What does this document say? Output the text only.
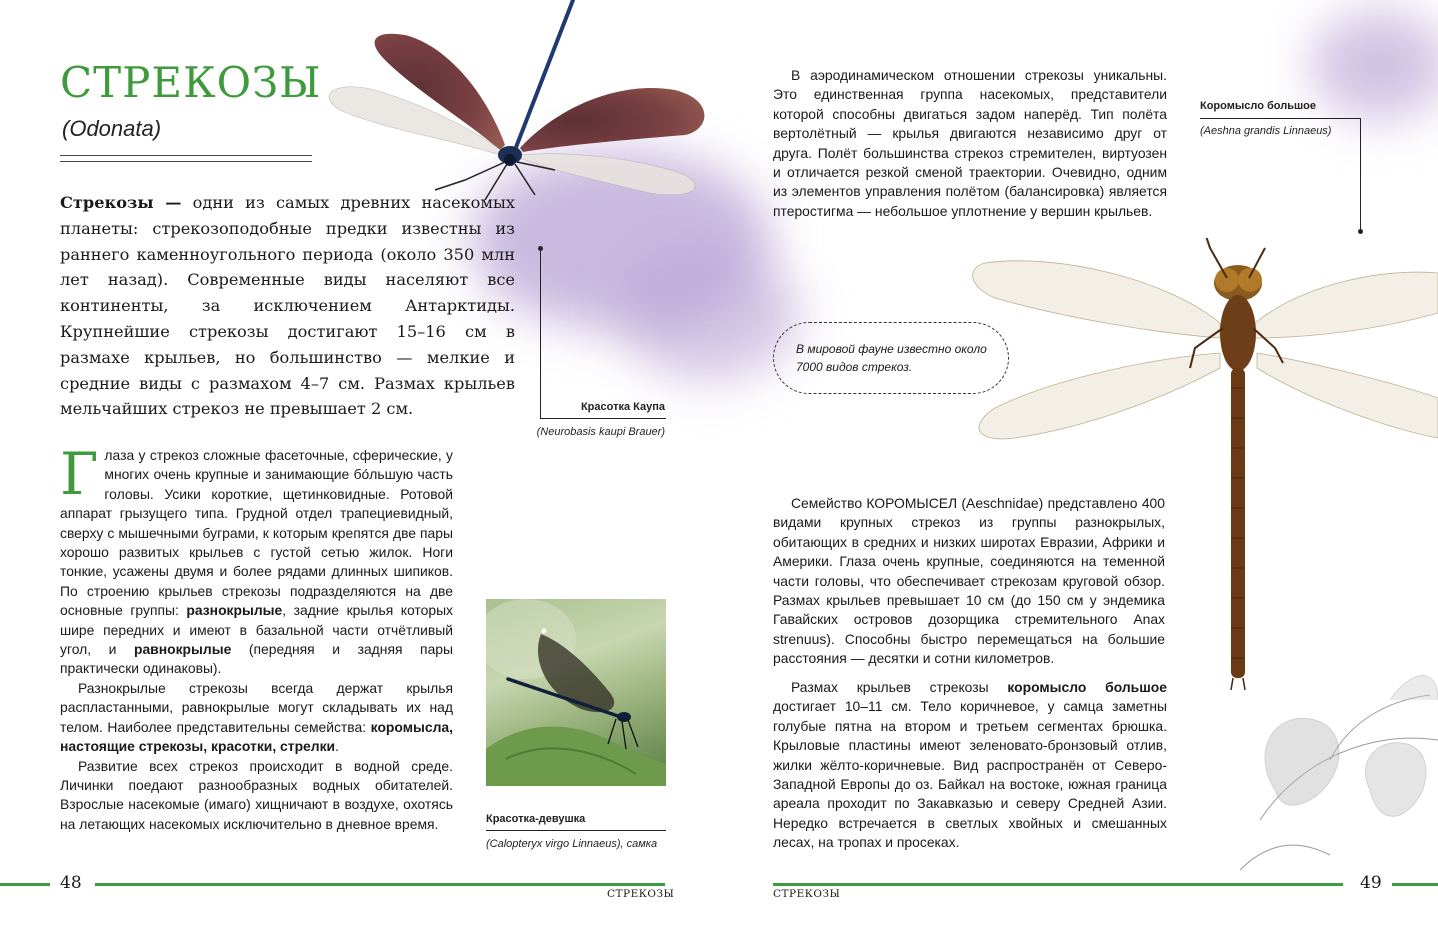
СТРЕКОЗЫ
(Odonata)

Стрекозы — одни из самых древних насекомых планеты: стрекозоподобные предки известны из раннего каменноугольного периода (около 350 млн лет назад). Современные виды населяют все континенты, за исключением Антарктиды. Крупнейшие стрекозы достигают 15–16 см в размахе крыльев, но большинство — мелкие и средние виды с размахом 4–7 см. Размах крыльев мельчайших стрекоз не превышает 2 см.	Красотка Каупа
(Neurobasis kaupi Brauer)

Глаза у стрекоз сложные фасеточные, сферические, у многих очень крупные и занимающие бо́льшую часть головы. Усики короткие, щетинковидные. Ротовой аппарат грызущего типа. Грудной отдел трапециевидный, сверху с мышечными буграми, к которым крепятся две пары хорошо развитых крыльев с густой сетью жилок. Ноги тонкие, усажены двумя и более рядами длинных шипиков. По строению крыльев стрекозы подразделяются на две основные группы: разнокрылые, задние крылья которых шире передних и имеют в базальной части отчётливый угол, и равнокрылые (передняя и задняя пары практически одинаковы).

Разнокрылые стрекозы всегда держат крылья распластанными, равнокрылые могут складывать их над телом. Наиболее представительны семейства: коромысла, настоящие стрекозы, красотки, стрелки.

Развитие всех стрекоз происходит в водной среде. Личинки поедают разнообразных водных обитателей. Взрослые насекомые (имаго) хищничают в воздухе, охотясь на летающих насекомых исключительно в дневное время.	Красотка-девушка
(Calopteryx virgo Linnaeus), самка

В аэродинамическом отношении стрекозы уникальны. Это единственная группа насекомых, представители которой способны двигаться задом наперёд. Тип полёта вертолётный — крылья двигаются независимо друг от друга. Полёт большинства стрекоз стремителен, виртуозен и отличается резкой сменой траектории. Очевидно, одним из элементов управления полётом (балансировка) является птеростигма — небольшое уплотнение у вершин крыльев.

Коромысло большое
(Aeshna grandis Linnaeus)
В мировой фауне известно около 7000 видов стрекоз.

Семейство КОРОМЫСЕЛ (Aeschnidae) представлено 400 видами крупных стрекоз из группы разнокрылых, обитающих в средних и низких широтах Евразии, Африки и Америки. Глаза очень крупные, соединяются на теменной части головы, что обеспечивает стрекозам круговой обзор. Размах крыльев превышает 10 см (до 150 см у эндемика Гавайских островов дозорщика стремительного Anax strenuus). Способны быстро перемещаться на большие расстояния — десятки и сотни километров.

Размах крыльев стрекозы коромысло большое достигает 10–11 см. Тело коричневое, у самца заметны голубые пятна на втором и третьем сегментах брюшка. Крыловые пластины имеют зеленовато-бронзовый отлив, жилки жёлто-коричневые. Вид распространён от Северо-Западной Европы до оз. Байкал на востоке, южная граница ареала проходит по Закавказью и северу Средней Азии. Нередко встречается в светлых хвойных и смешанных лесах, на тропах и просеках.

48
СТРЕКОЗЫ	СТРЕКОЗЫ
49
